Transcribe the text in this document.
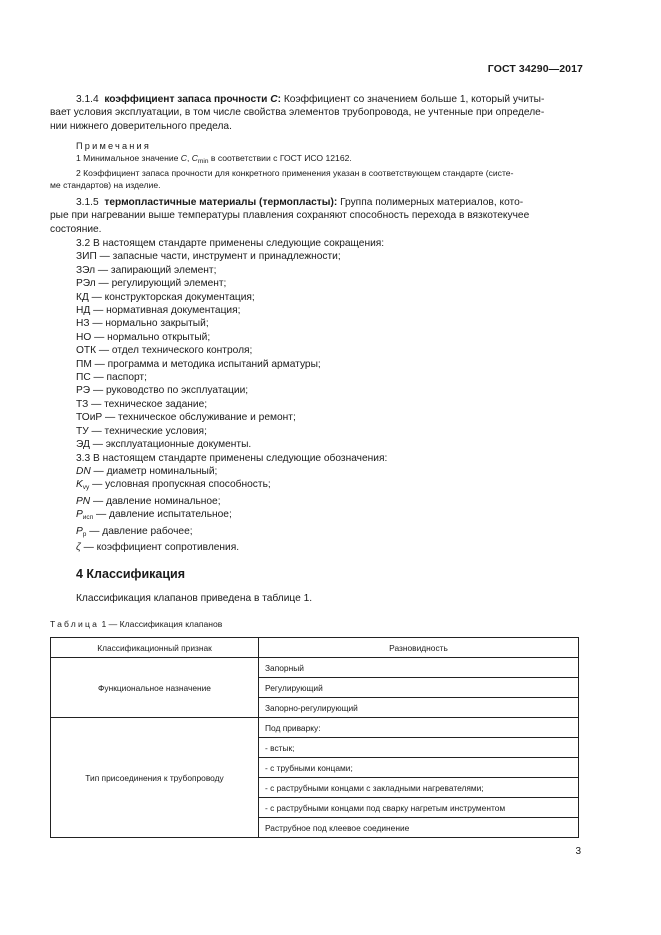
ГОСТ 34290—2017

3.1.4 коэффициент запаса прочности C: Коэффициент со значением больше 1, который учиты-

вает условия эксплуатации, в том числе свойства элементов трубопровода, не учтенные при определе-

нии нижнего доверительного предела.

Примечания

1 Минимальное значение C, $C_{min}$ в соответствии с ГОСТ ИСО 12162.

2 Коэффициент запаса прочности для конкретного применения указан в соответствующем стандарте (систе-

ме стандартов) на изделие.

3.1.5 термопластичные материалы (термопласты): Группа полимерных материалов, кото-

рые при нагревании выше температуры плавления сохраняют способность перехода в вязкотекучее

состояние.

3.2 В настоящем стандарте применены следующие сокращения:

ЗИП — запасные части, инструмент и принадлежности;

ЗЭл — запирающий элемент;

РЭл — регулирующий элемент;

КД — конструкторская документация;

НД — нормативная документация;

НЗ — нормально закрытый;

НО — нормально открытый;

ОТК — отдел технического контроля;

ПМ — программа и методика испытаний арматуры;

ПС — паспорт;

РЭ — руководство по эксплуатации;

ТЗ — техническое задание;

ТОиР — техническое обслуживание и ремонт;

ТУ — технические условия;

ЭД — эксплуатационные документы.

3.3 В настоящем стандарте применены следующие обозначения:

DN — диаметр номинальный;

$K_{vy}$ — условная пропускная способность;

PN — давление номинальное;

$P_{исп}$ — давление испытательное;

$P_р$ — давление рабочее;

ζ — коэффициент сопротивления.

4 Классификация
Классификация клапанов приведена в таблице 1.
Таблица 1 — Классификация клапанов
Классификационный признак	Разновидность
Функциональное назначение	Запорный
	Регулирующий
	Запорно-регулирующий
Тип присоединения к трубопроводу	Под приварку:
	- встык;
	- с трубными концами;
	- с раструбными концами с закладными нагревателями;
	- с раструбными концами под сварку нагретым инструментом
	Раструбное под клеевое соединение
3
